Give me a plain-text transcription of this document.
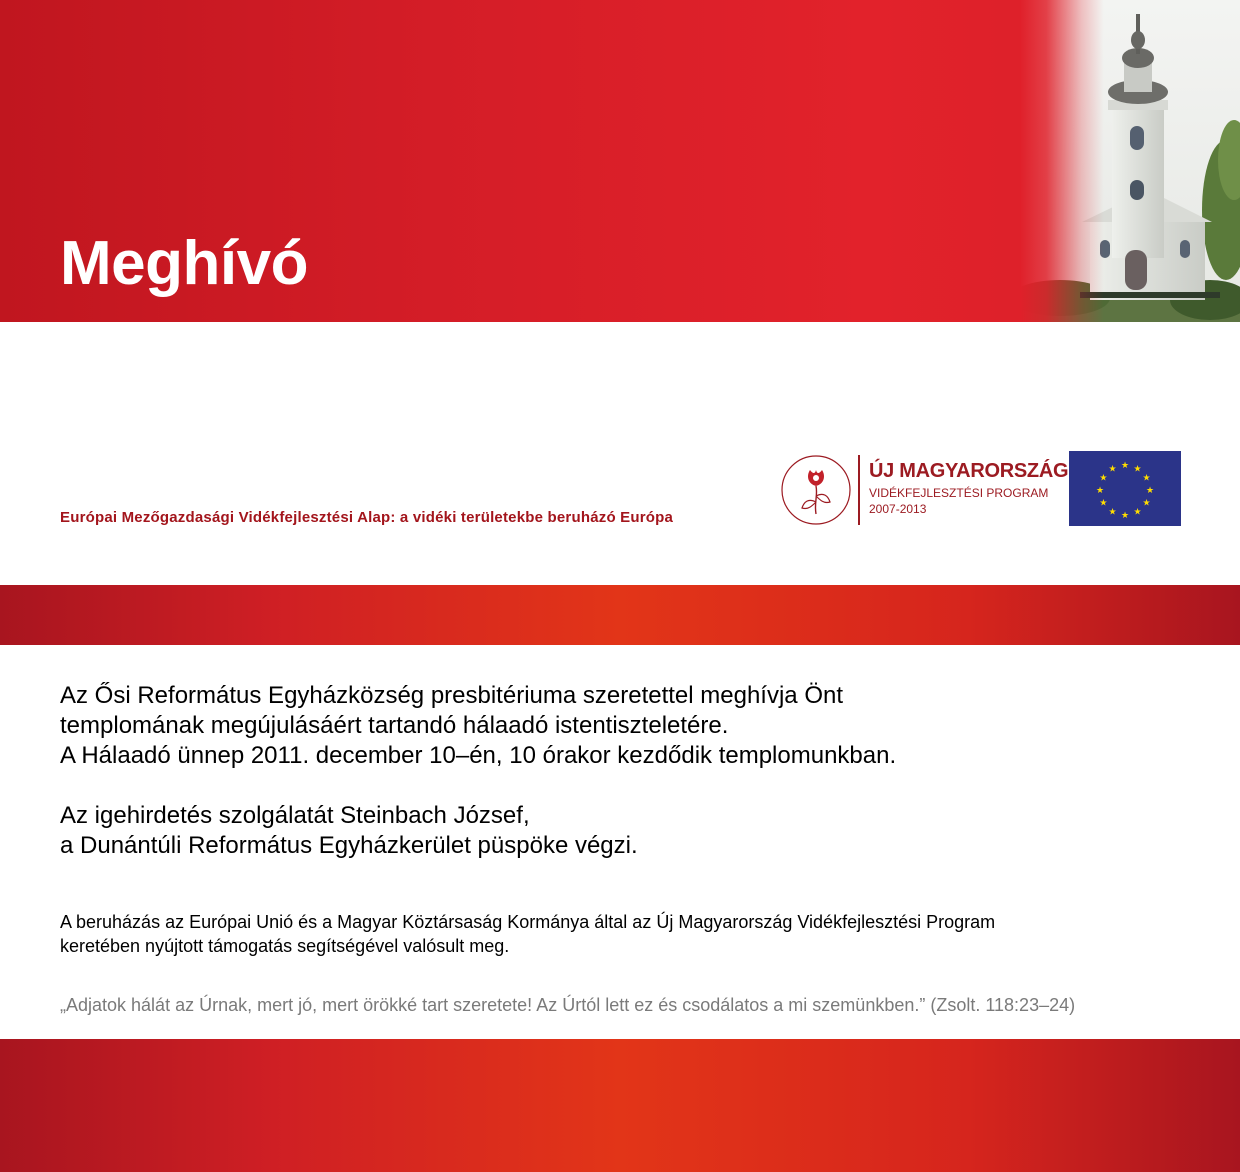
Meghívó
Európai Mezőgazdasági Vidékfejlesztési Alap: a vidéki területekbe beruházó Európa
ÚJ MAGYARORSZÁG
VIDÉKFEJLESZTÉSI PROGRAM
2007-2013
★ ★
★
★
★
★
★
★
★
★
★
★
Az Ősi Református Egyházközség presbitériuma szeretettel meghívja Önt
templomának megújulásáért tartandó hálaadó istentiszteletére.
A Hálaadó ünnep 2011. december 10–én, 10 órakor kezdődik templomunkban.
Az igehirdetés szolgálatát Steinbach József,
a Dunántúli Református Egyházkerület püspöke végzi.
A beruházás az Európai Unió és a Magyar Köztársaság Kormánya által az Új Magyarország Vidékfejlesztési Program
keretében nyújtott támogatás segítségével valósult meg.
„Adjatok hálát az Úrnak, mert jó, mert örökké tart szeretete! Az Úrtól lett ez és csodálatos a mi szemünkben.” (Zsolt. 118:23–24)
